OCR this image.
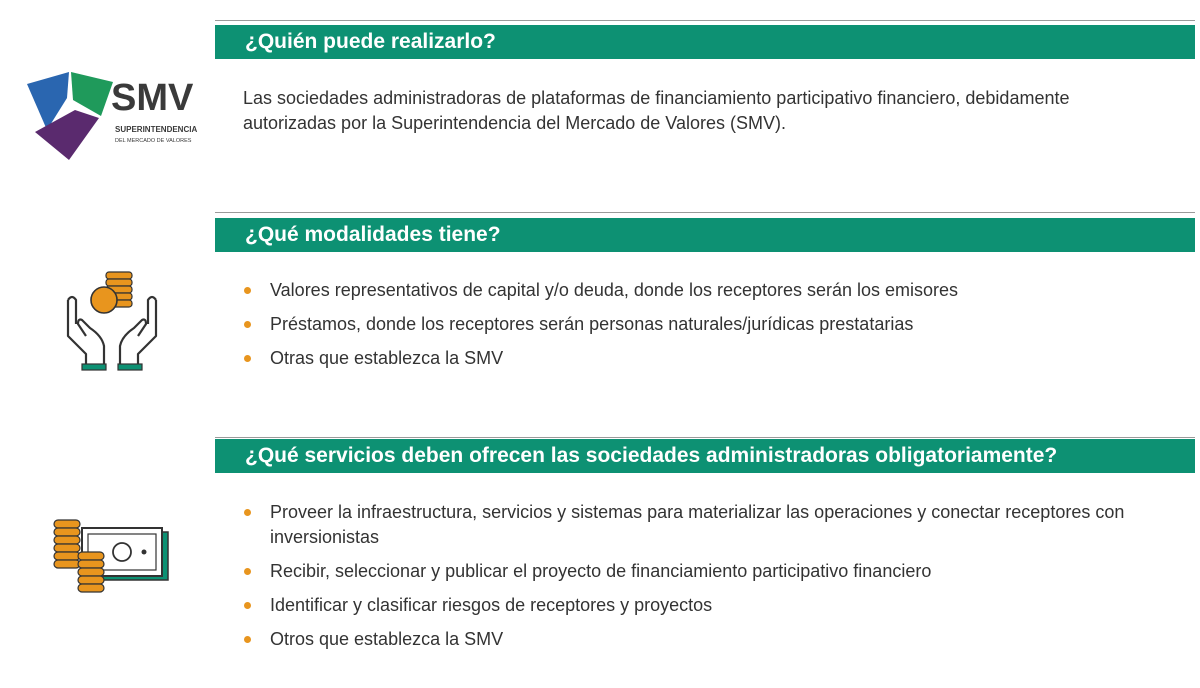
¿Quién puede realizarlo?
SMV
SUPERINTENDENCIA
DEL MERCADO DE VALORES
Las sociedades administradoras de plataformas de financiamiento participativo financiero, debidamente autorizadas por la Superintendencia del Mercado de Valores (SMV).
¿Qué modalidades tiene?
Valores representativos de capital y/o deuda, donde los receptores serán los emisores
Préstamos, donde los receptores serán personas naturales/jurídicas prestatarias
Otras que establezca la SMV
¿Qué servicios deben ofrecen las sociedades administradoras obligatoriamente?
Proveer la infraestructura, servicios y sistemas para materializar las operaciones y conectar receptores con inversionistas
Recibir, seleccionar y publicar el proyecto de financiamiento participativo financiero
Identificar y clasificar riesgos de receptores y proyectos
Otros que establezca la SMV
